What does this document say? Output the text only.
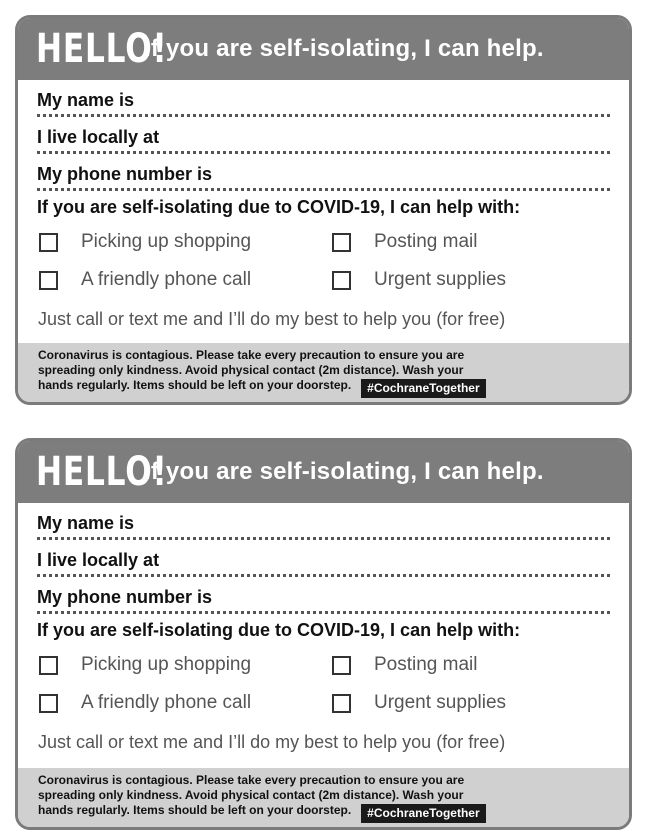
HELLO!
If you are self-isolating, I can help.
My name is
I live locally at
My phone number is
If you are self-isolating due to COVID-19, I can help with:
Picking up shopping	Posting mail
A friendly phone call	Urgent supplies
Just call or text me and I’ll do my best to help you (for free)
Coronavirus is contagious. Please take every precaution to ensure you are
spreading only kindness. Avoid physical contact (2m distance). Wash your
hands regularly. Items should be left on your doorstep. #CochraneTogether
HELLO!
If you are self-isolating, I can help.
My name is
I live locally at
My phone number is
If you are self-isolating due to COVID-19, I can help with:
Picking up shopping	Posting mail
A friendly phone call	Urgent supplies
Just call or text me and I’ll do my best to help you (for free)
Coronavirus is contagious. Please take every precaution to ensure you are
spreading only kindness. Avoid physical contact (2m distance). Wash your
hands regularly. Items should be left on your doorstep. #CochraneTogether
